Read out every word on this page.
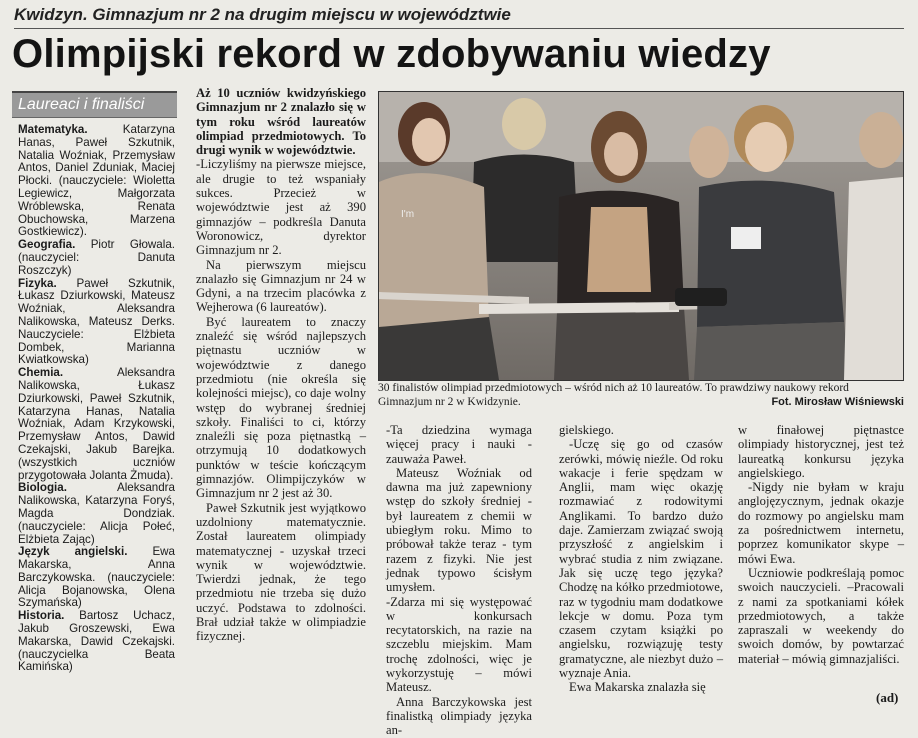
Kwidzyn. Gimnazjum nr 2 na drugim miejscu w województwie
Olimpijski rekord w zdobywaniu wiedzy
Laureaci i finaliści

Matematyka. Katarzyna Hanas, Paweł Szkutnik, Natalia Woźniak, Przemysław Antos, Daniel Zduniak, Maciej Płocki. (nauczyciele: Wioletta Legiewicz, Małgorzata Wróblewska, Renata Obuchowska, Marzena Gostkiewicz).

Geografia. Piotr Głowala. (nauczyciel: Danuta Roszczyk)

Fizyka. Paweł Szkutnik, Łukasz Dziurkowski, Mateusz Woźniak, Aleksandra Nalikowska, Mateusz Derks. Nauczyciele: Elżbieta Dombek, Marianna Kwiatkowska)

Chemia. Aleksandra Nalikowska, Łukasz Dziurkowski, Paweł Szkutnik, Katarzyna Hanas, Natalia Woźniak, Adam Krzykowski, Przemysław Antos, Dawid Czekajski, Jakub Barejka.(wszystkich uczniów przygotowała Jolanta Żmuda).

Biologia. Aleksandra Nalikowska, Katarzyna Foryś, Magda Dondziak. (nauczyciele: Alicja Połeć, Elżbieta Zając)

Język angielski. Ewa Makarska, Anna Barczykowska. (nauczyciele: Alicja Bojanowska, Olena Szymańska)

Historia. Bartosz Uchacz, Jakub Groszewski, Ewa Makarska, Dawid Czekajski. (nauczycielka Beata Kamińska)

Aż 10 uczniów kwidzyńskiego Gimnazjum nr 2 znalazło się w tym roku wśród laureatów olimpiad przedmiotowych. To drugi wynik w województwie.

-Liczyliśmy na pierwsze miejsce, ale drugie to też wspaniały sukces. Przecież w województwie jest aż 390 gimnazjów – podkreśla Danuta Woronowicz, dyrektor Gimnazjum nr 2.

Na pierwszym miejscu znalazło się Gimnazjum nr 24 w Gdyni, a na trzecim placówka z Wejherowa (6 laureatów).

Być laureatem to znaczy znaleźć się wśród najlepszych piętnastu uczniów w województwie z danego przedmiotu (nie określa się kolejności miejsc), co daje wolny wstęp do wybranej średniej szkoły. Finaliści to ci, którzy znaleźli się poza piętnastką – otrzymują 10 dodatkowych punktów w teście kończącym gimnazjów. Olimpijczyków w Gimnazjum nr 2 jest aż 30.

Paweł Szkutnik jest wyjątkowo uzdolniony matematycznie. Został laureatem olimpiady matematycznej - uzyskał trzeci wynik w województwie. Twierdzi jednak, że tego przedmiotu nie trzeba się dużo uczyć. Podstawa to zdolności. Brał udział także w olimpiadzie fizycznej.

I'm
30 finalistów olimpiad przedmiotowych – wśród nich aż 10 laureatów. To prawdziwy naukowy rekord Gimnazjum nr 2 w Kwidzynie.	Fot. Mirosław Wiśniewski

-Ta dziedzina wymaga więcej pracy i nauki - zauważa Paweł.

Mateusz Woźniak od dawna ma już zapewniony wstęp do szkoły średniej - był laureatem z chemii w ubiegłym roku. Mimo to próbował także teraz - tym razem z fizyki. Nie jest jednak typowo ścisłym umysłem.

-Zdarza mi się występować w konkursach recytatorskich, na razie na szczeblu miejskim. Mam trochę zdolności, więc je wykorzystuję – mówi Mateusz.

Anna Barczykowska jest finalistką olimpiady języka an-

gielskiego.

-Uczę się go od czasów zerówki, mówię nieźle. Od roku wakacje i ferie spędzam w Anglii, mam więc okazję rozmawiać z rodowitymi Anglikami. To bardzo dużo daje. Zamierzam związać swoją przyszłość z angielskim i wybrać studia z nim związane. Jak się uczę tego języka? Chodzę na kółko przedmiotowe, raz w tygodniu mam dodatkowe lekcje w domu. Poza tym czasem czytam książki po angielsku, rozwiązuję testy gramatyczne, ale niezbyt dużo – wyznaje Ania.

Ewa Makarska znalazła się

w finałowej piętnastce olimpiady historycznej, jest też laureatką konkursu języka angielskiego.

-Nigdy nie byłam w kraju anglojęzycznym, jednak okazje do rozmowy po angielsku mam za pośrednictwem internetu, poprzez komunikator skype – mówi Ewa.

Uczniowie podkreślają pomoc swoich nauczycieli. –Pracowali z nami za spotkaniami kółek przedmiotowych, a także zapraszali w weekendy do swoich domów, by powtarzać materiał – mówią gimnazjaliści.

(ad)
